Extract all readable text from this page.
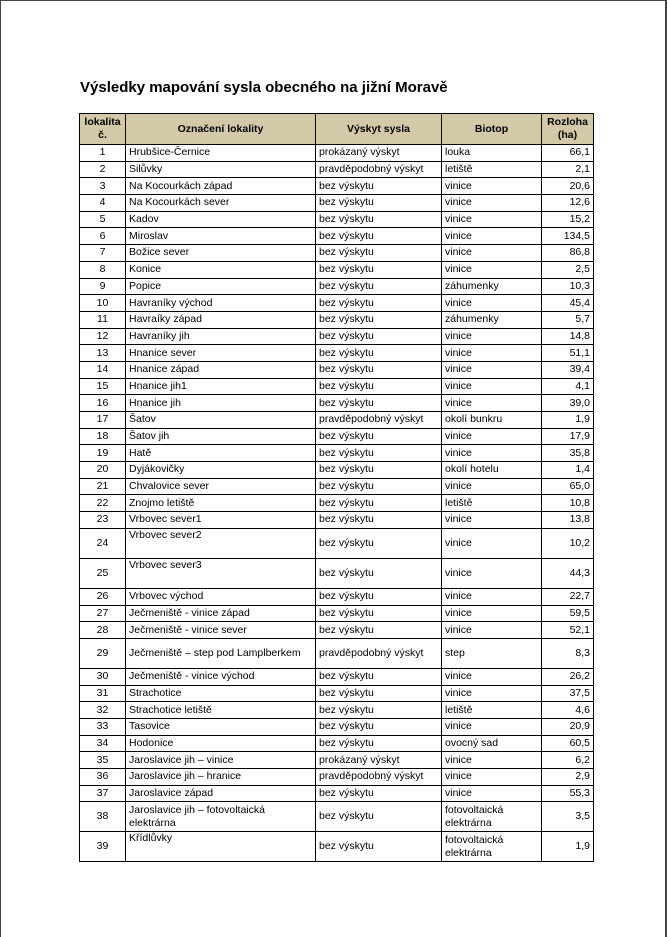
Výsledky mapování sysla obecného na jižní Moravě
lokalita č.	Označení lokality	Výskyt sysla	Biotop	Rozloha (ha)
1	Hrubšice-Černice	prokázaný výskyt	louka	66,1
2	Silůvky	pravděpodobný výskyt	letiště	2,1
3	Na Kocourkách západ	bez výskytu	vinice	20,6
4	Na Kocourkách sever	bez výskytu	vinice	12,6
5	Kadov	bez výskytu	vinice	15,2
6	Miroslav	bez výskytu	vinice	134,5
7	Božice sever	bez výskytu	vinice	86,8
8	Konice	bez výskytu	vinice	2,5
9	Popice	bez výskytu	záhumenky	10,3
10	Havraníky východ	bez výskytu	vinice	45,4
11	Havraíky západ	bez výskytu	záhumenky	5,7
12	Havraníky jih	bez výskytu	vinice	14,8
13	Hnanice sever	bez výskytu	vinice	51,1
14	Hnanice západ	bez výskytu	vinice	39,4
15	Hnanice jih1	bez výskytu	vinice	4,1
16	Hnanice jih	bez výskytu	vinice	39,0
17	Šatov	pravděpodobný výskyt	okolí bunkru	1,9
18	Šatov jih	bez výskytu	vinice	17,9
19	Hatě	bez výskytu	vinice	35,8
20	Dyjákovičky	bez výskytu	okolí hotelu	1,4
21	Chvalovice sever	bez výskytu	vinice	65,0
22	Znojmo letiště	bez výskytu	letiště	10,8
23	Vrbovec sever1	bez výskytu	vinice	13,8
24	Vrbovec sever2	bez výskytu	vinice	10,2
25	Vrbovec sever3	bez výskytu	vinice	44,3
26	Vrbovec východ	bez výskytu	vinice	22,7
27	Ječmeniště - vinice západ	bez výskytu	vinice	59,5
28	Ječmeniště - vinice sever	bez výskytu	vinice	52,1
29	Ječmeniště – step pod Lamplberkem	pravděpodobný výskyt	step	8,3
30	Ječmeniště - vinice východ	bez výskytu	vinice	26,2
31	Strachotice	bez výskytu	vinice	37,5
32	Strachotice letiště	bez výskytu	letiště	4,6
33	Tasovice	bez výskytu	vinice	20,9
34	Hodonice	bez výskytu	ovocný sad	60,5
35	Jaroslavice jih – vinice	prokázaný výskyt	vinice	6,2
36	Jaroslavice jih – hranice	pravděpodobný výskyt	vinice	2,9
37	Jaroslavice západ	bez výskytu	vinice	55,3
38	Jaroslavice jih – fotovoltaická elektrárna	bez výskytu	fotovoltaická elektrárna	3,5
39	Křídlůvky	bez výskytu	fotovoltaická elektrárna	1,9
